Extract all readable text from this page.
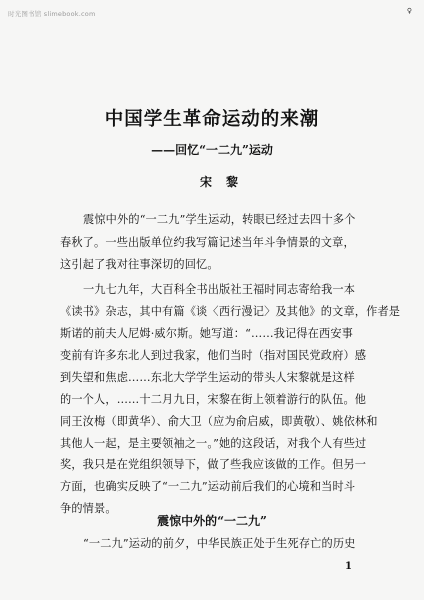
时光图书馆 slimebook.com	♀
中国学生革命运动的来潮
——回忆“一二九”运动
宋黎
震惊中外的“一二九”学生运动，转眼已经过去四十多个
春秋了。一些出版单位约我写篇记述当年斗争情景的文章，
这引起了我对往事深切的回忆。
一九七九年，大百科全书出版社王福时同志寄给我一本
《读书》杂志，其中有篇《谈〈西行漫记〉及其他》的文章，作者是
斯诺的前夫人尼姆·威尔斯。她写道：“……我记得在西安事
变前有许多东北人到过我家，他们当时（指对国民党政府）感
到失望和焦虑……东北大学学生运动的带头人宋黎就是这样
的一个人，……十二月九日，宋黎在街上领着游行的队伍。他
同王汝梅（即黄华）、俞大卫（应为俞启威，即黄敬）、姚依林和
其他人一起，是主要领袖之一。”她的这段话，对我个人有些过
奖，我只是在党组织领导下，做了些我应该做的工作。但另一
方面，也确实反映了“一二九”运动前后我们的心境和当时斗
争的情景。
震惊中外的“一二九”
“一二九”运动的前夕，中华民族正处于生死存亡的历史
1
